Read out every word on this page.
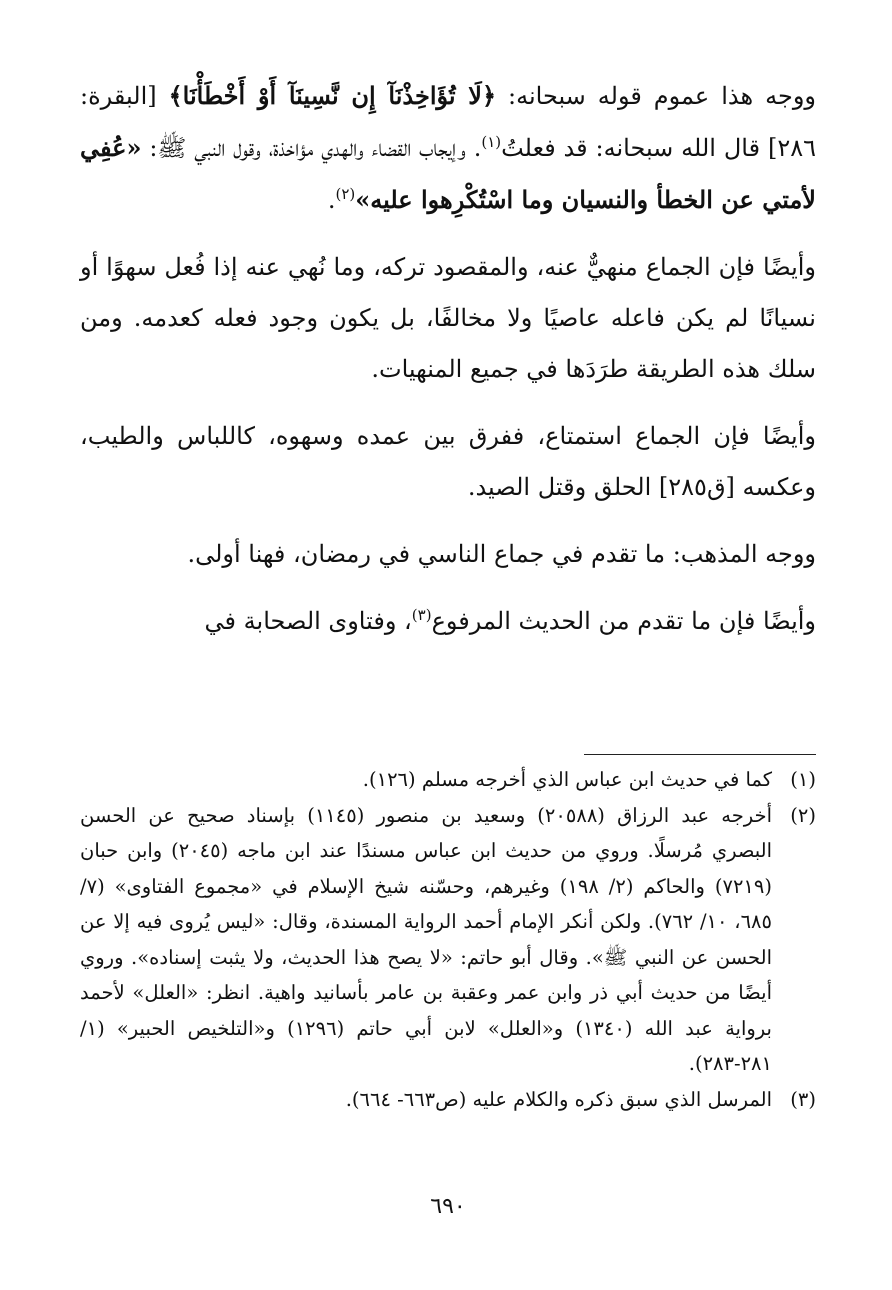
ووجه هذا عموم قوله سبحانه: ﴿لَا تُؤَاخِذْنَآ إِن نَّسِينَآ أَوْ أَخْطَأْنَا﴾ [البقرة: ٢٨٦] قال الله سبحانه: قد فعلتُ$^{(١)}$. وإيجاب القضاء والهدي مؤاخذة، وقول النبي ﷺ: «عُفِي لأمتي عن الخطأ والنسيان وما اسْتُكْرِهوا عليه»$^{(٢)}$.

وأيضًا فإن الجماع منهيٌّ عنه، والمقصود تركه، وما نُهي عنه إذا فُعل سهوًا أو نسيانًا لم يكن فاعله عاصيًا ولا مخالفًا، بل يكون وجود فعله كعدمه. ومن سلك هذه الطريقة طرَدَها في جميع المنهيات.

وأيضًا فإن الجماع استمتاع، ففرق بين عمده وسهوه، كاللباس والطيب، وعكسه [ق٢٨٥] الحلق وقتل الصيد.

ووجه المذهب: ما تقدم في جماع الناسي في رمضان، فهنا أولى.

وأيضًا فإن ما تقدم من الحديث المرفوع$^{(٣)}$، وفتاوى الصحابة في

(١)
كما في حديث ابن عباس الذي أخرجه مسلم (١٢٦).
(٢)
أخرجه عبد الرزاق (٢٠٥٨٨) وسعيد بن منصور (١١٤٥) بإسناد صحيح عن الحسن البصري مُرسلًا. وروي من حديث ابن عباس مسندًا عند ابن ماجه (٢٠٤٥) وابن حبان (٧٢١٩) والحاكم (٢/ ١٩٨) وغيرهم، وحسّنه شيخ الإسلام في «مجموع الفتاوى» (٧/ ٦٨٥، ١٠/ ٧٦٢). ولكن أنكر الإمام أحمد الرواية المسندة، وقال: «ليس يُروى فيه إلا عن الحسن عن النبي ﷺ». وقال أبو حاتم: «لا يصح هذا الحديث، ولا يثبت إسناده». وروي أيضًا من حديث أبي ذر وابن عمر وعقبة بن عامر بأسانيد واهية. انظر: «العلل» لأحمد برواية عبد الله (١٣٤٠) و«العلل» لابن أبي حاتم (١٢٩٦) و«التلخيص الحبير» (١/ ٢٨١-٢٨٣).
(٣)
المرسل الذي سبق ذكره والكلام عليه (ص٦٦٣- ٦٦٤).
٦٩٠
